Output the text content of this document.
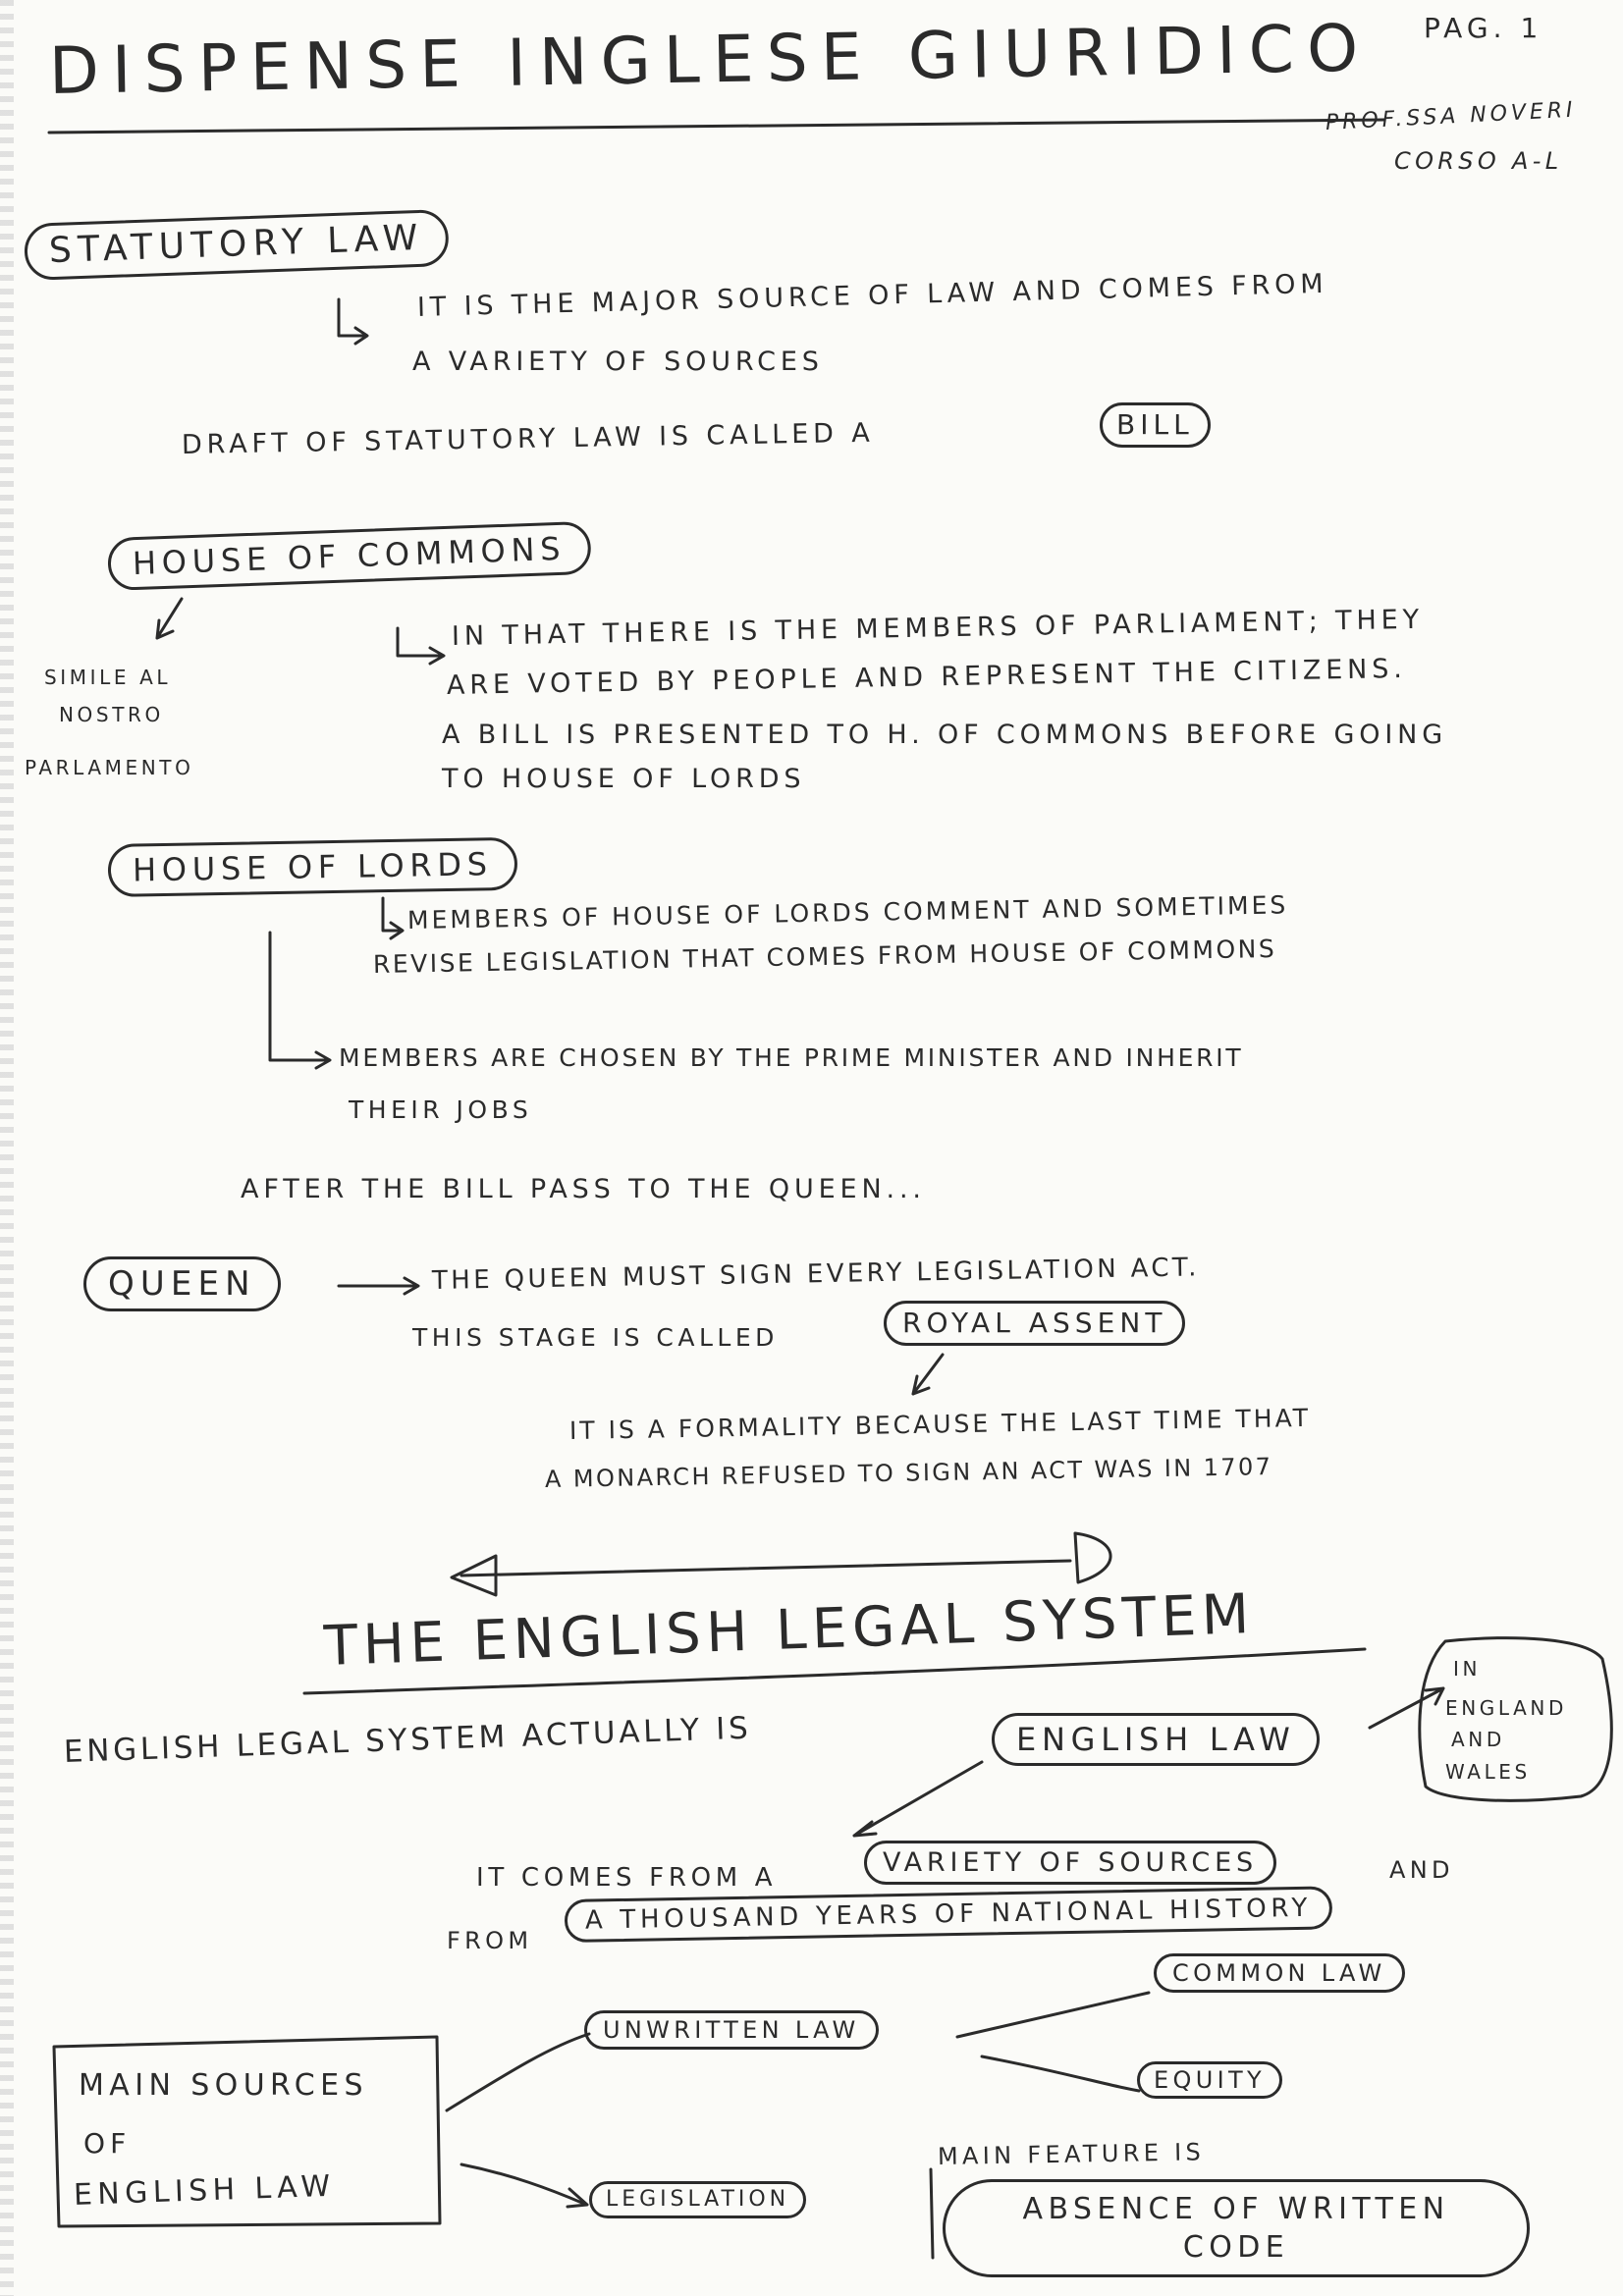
DISPENSE INGLESE GIURIDICO PAG. 1
PROF.SSA NOVERI
CORSO A-L
STATUTORY LAW
IT IS THE MAJOR SOURCE OF LAW AND COMES FROM
A VARIETY OF SOURCES
DRAFT OF STATUTORY LAW IS CALLED A	BILL
HOUSE OF COMMONS
SIMILE AL
NOSTRO
PARLAMENTO
IN THAT THERE IS THE MEMBERS OF PARLIAMENT; THEY
ARE VOTED BY PEOPLE AND REPRESENT THE CITIZENS.
A BILL IS PRESENTED TO H. OF COMMONS BEFORE GOING
TO HOUSE OF LORDS
HOUSE OF LORDS
MEMBERS OF HOUSE OF LORDS COMMENT AND SOMETIMES
REVISE LEGISLATION THAT COMES FROM HOUSE OF COMMONS
MEMBERS ARE CHOSEN BY THE PRIME MINISTER AND INHERIT
THEIR JOBS
AFTER THE BILL PASS TO THE QUEEN...
QUEEN	THE QUEEN MUST SIGN EVERY LEGISLATION ACT.
THIS STAGE IS CALLED	ROYAL ASSENT
IT IS A FORMALITY BECAUSE THE LAST TIME THAT
A MONARCH REFUSED TO SIGN AN ACT WAS IN 1707
THE ENGLISH LEGAL SYSTEM	IN
ENGLAND
AND
WALES
ENGLISH LEGAL SYSTEM ACTUALLY IS	ENGLISH LAW
IT COMES FROM A	VARIETY OF SOURCES	AND
FROM
A THOUSAND YEARS OF NATIONAL HISTORY
MAIN SOURCES
OF
ENGLISH LAW
UNWRITTEN LAW
COMMON LAW
EQUITY
LEGISLATION
MAIN FEATURE IS
ABSENCE OF WRITTEN
CODE
